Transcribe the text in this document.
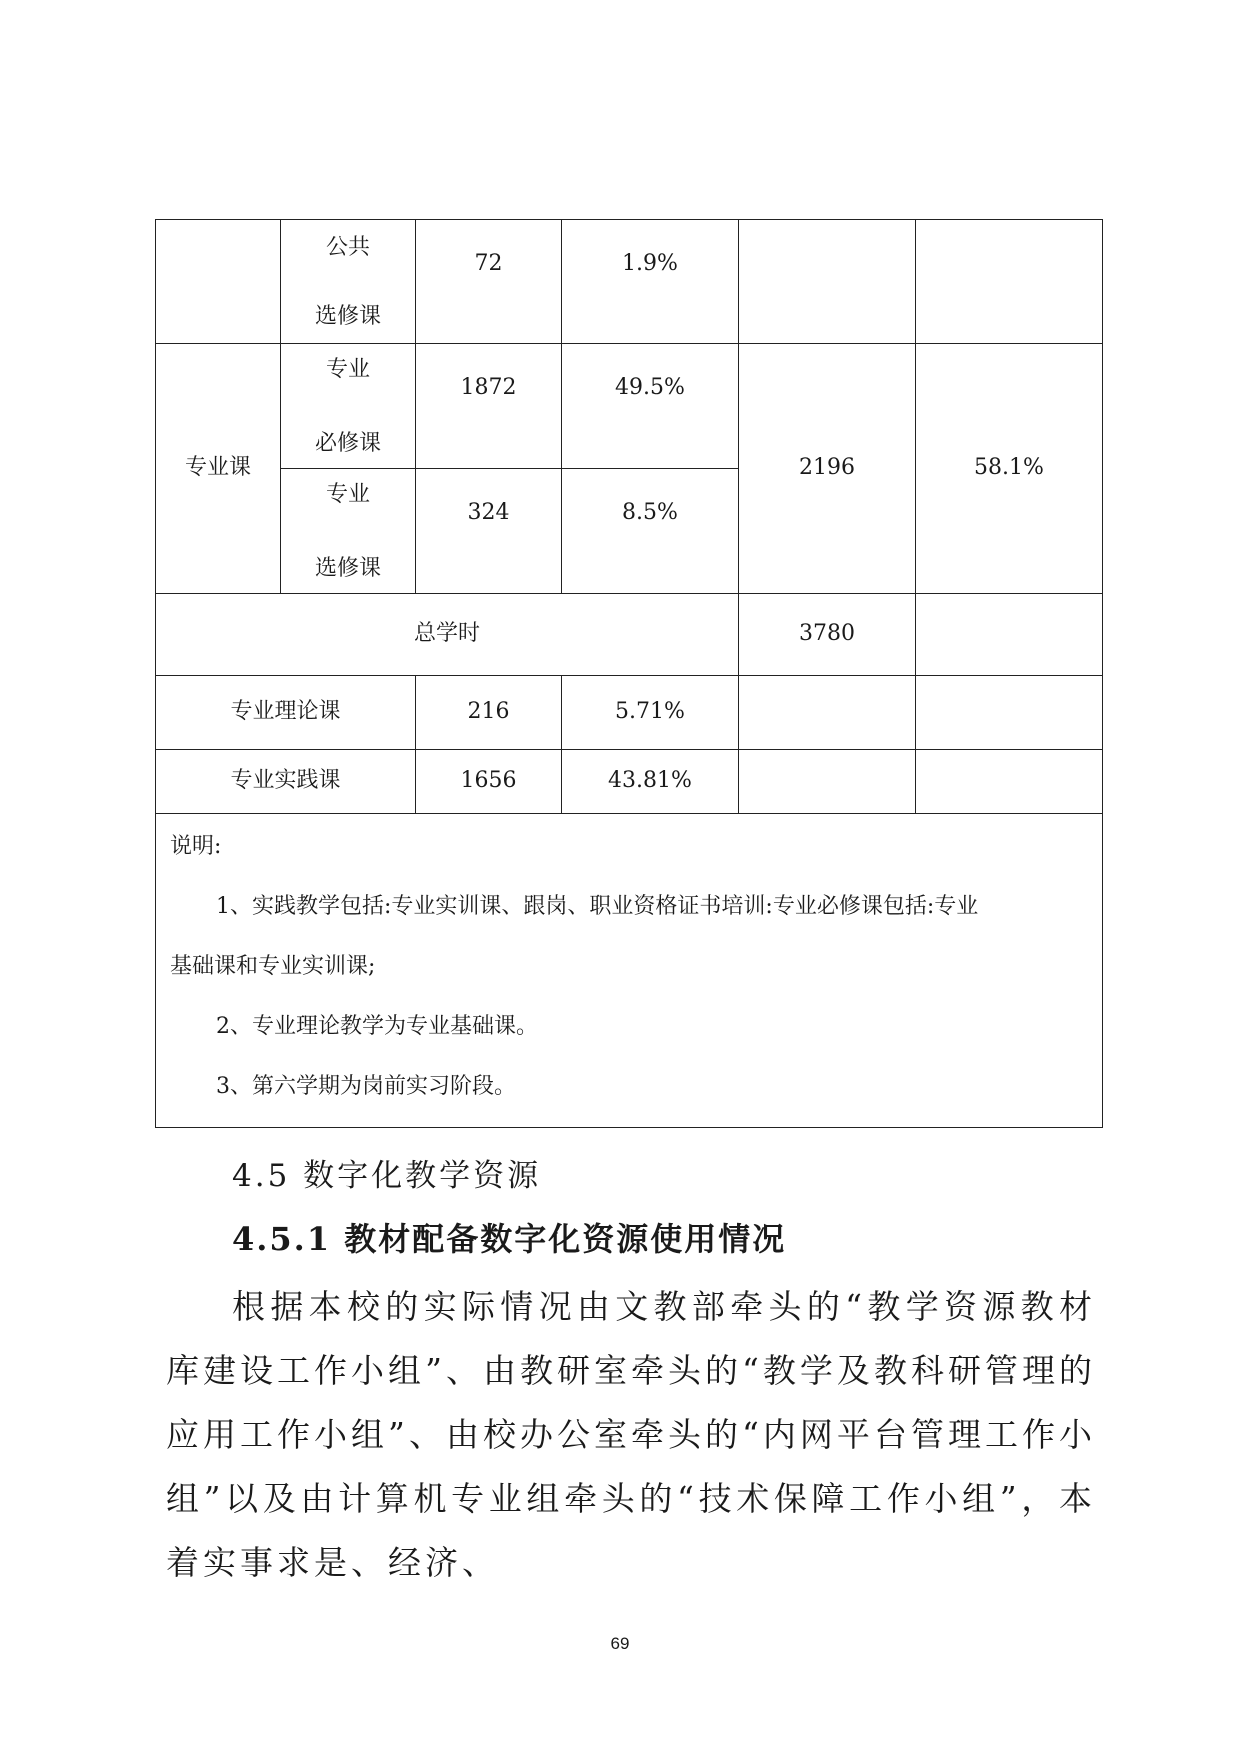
	公共
选修课	72	1.9%		

专业课	专业
必修课	1872	49.5%	2196	58.1%

	专业
选修课	324	8.5%		

总学时				3780	
专业理论课		216	5.71%		
专业实践课		1656	43.81%		

说明:

1、实践教学包括:专业实训课、跟岗、职业资格证书培训:专业必修课包括:专业

基础课和专业实训课;

2、专业理论教学为专业基础课。

3、第六学期为岗前实习阶段。					

4.5 数字化教学资源
4.5.1 教材配备数字化资源使用情况

根据本校的实际情况由文教部牵头的“教学资源教材库建设工作小组”、由教研室牵头的“教学及教科研管理的应用工作小组”、由校办公室牵头的“内网平台管理工作小组”以及由计算机专业组牵头的“技术保障工作小组”，本着实事求是、经济、

69
